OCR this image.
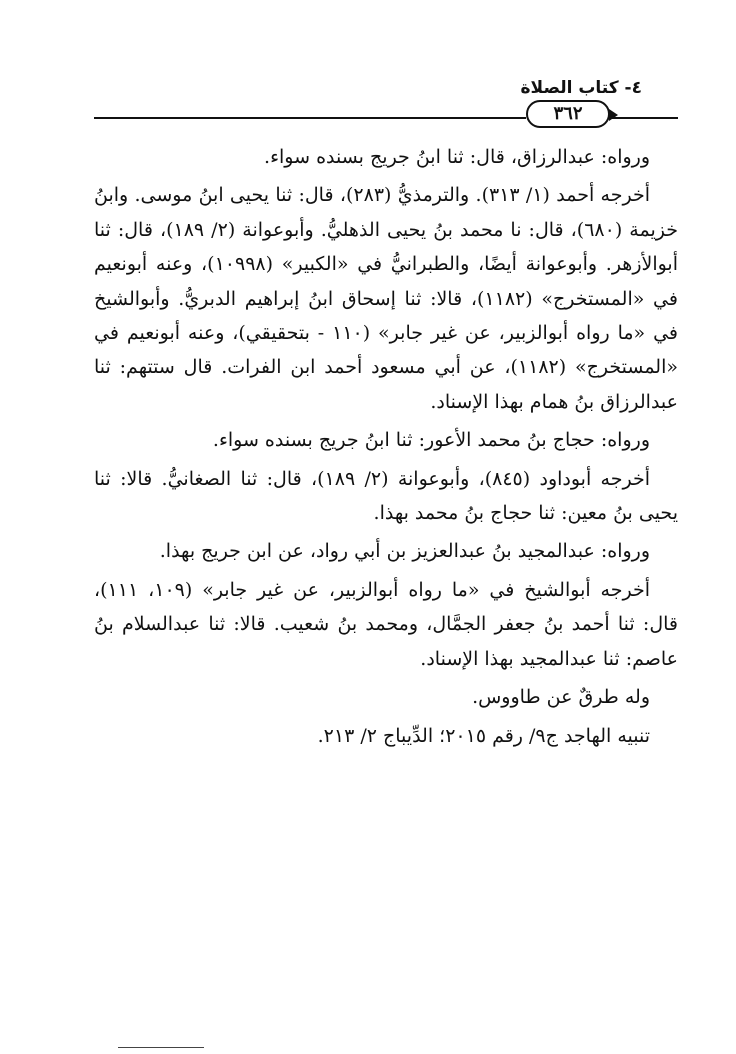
٤- كتاب الصلاة
٣٦٢

ورواه: عبدالرزاق، قال: ثنا ابنُ جريج بسنده سواء.

أخرجه أحمد (١/ ٣١٣). والترمذيُّ (٢٨٣)، قال: ثنا يحيى ابنُ موسى. وابنُ خزيمة (٦٨٠)، قال: نا محمد بنُ يحيى الذهليُّ. وأبوعوانة (٢/ ١٨٩)، قال: ثنا أبوالأزهر. وأبوعوانة أيضًا، والطبرانيُّ في «الكبير» (١٠٩٩٨)، وعنه أبونعيم في «المستخرج» (١١٨٢)، قالا: ثنا إسحاق ابنُ إبراهيم الدبريُّ. وأبوالشيخ في «ما رواه أبوالزبير، عن غير جابر» (١١٠ - بتحقيقي)، وعنه أبونعيم في «المستخرج» (١١٨٢)، عن أبي مسعود أحمد ابن الفرات. قال ستتهم: ثنا عبدالرزاق بنُ همام بهذا الإسناد.

ورواه: حجاج بنُ محمد الأعور: ثنا ابنُ جريج بسنده سواء.

أخرجه أبوداود (٨٤٥)، وأبوعوانة (٢/ ١٨٩)، قال: ثنا الصغانيُّ. قالا: ثنا يحيى بنُ معين: ثنا حجاج بنُ محمد بهذا.

ورواه: عبدالمجيد بنُ عبدالعزيز بن أبي رواد، عن ابن جريج بهذا.

أخرجه أبوالشيخ في «ما رواه أبوالزبير، عن غير جابر» (١٠٩، ١١١)، قال: ثنا أحمد بنُ جعفر الجمَّال، ومحمد بنُ شعيب. قالا: ثنا عبدالسلام بنُ عاصم: ثنا عبدالمجيد بهذا الإسناد.

وله طرقٌ عن طاووس.

تنبيه الهاجد ج٩/ رقم ٢٠١٥؛ الدِّيباج ٢/ ٢١٣.
